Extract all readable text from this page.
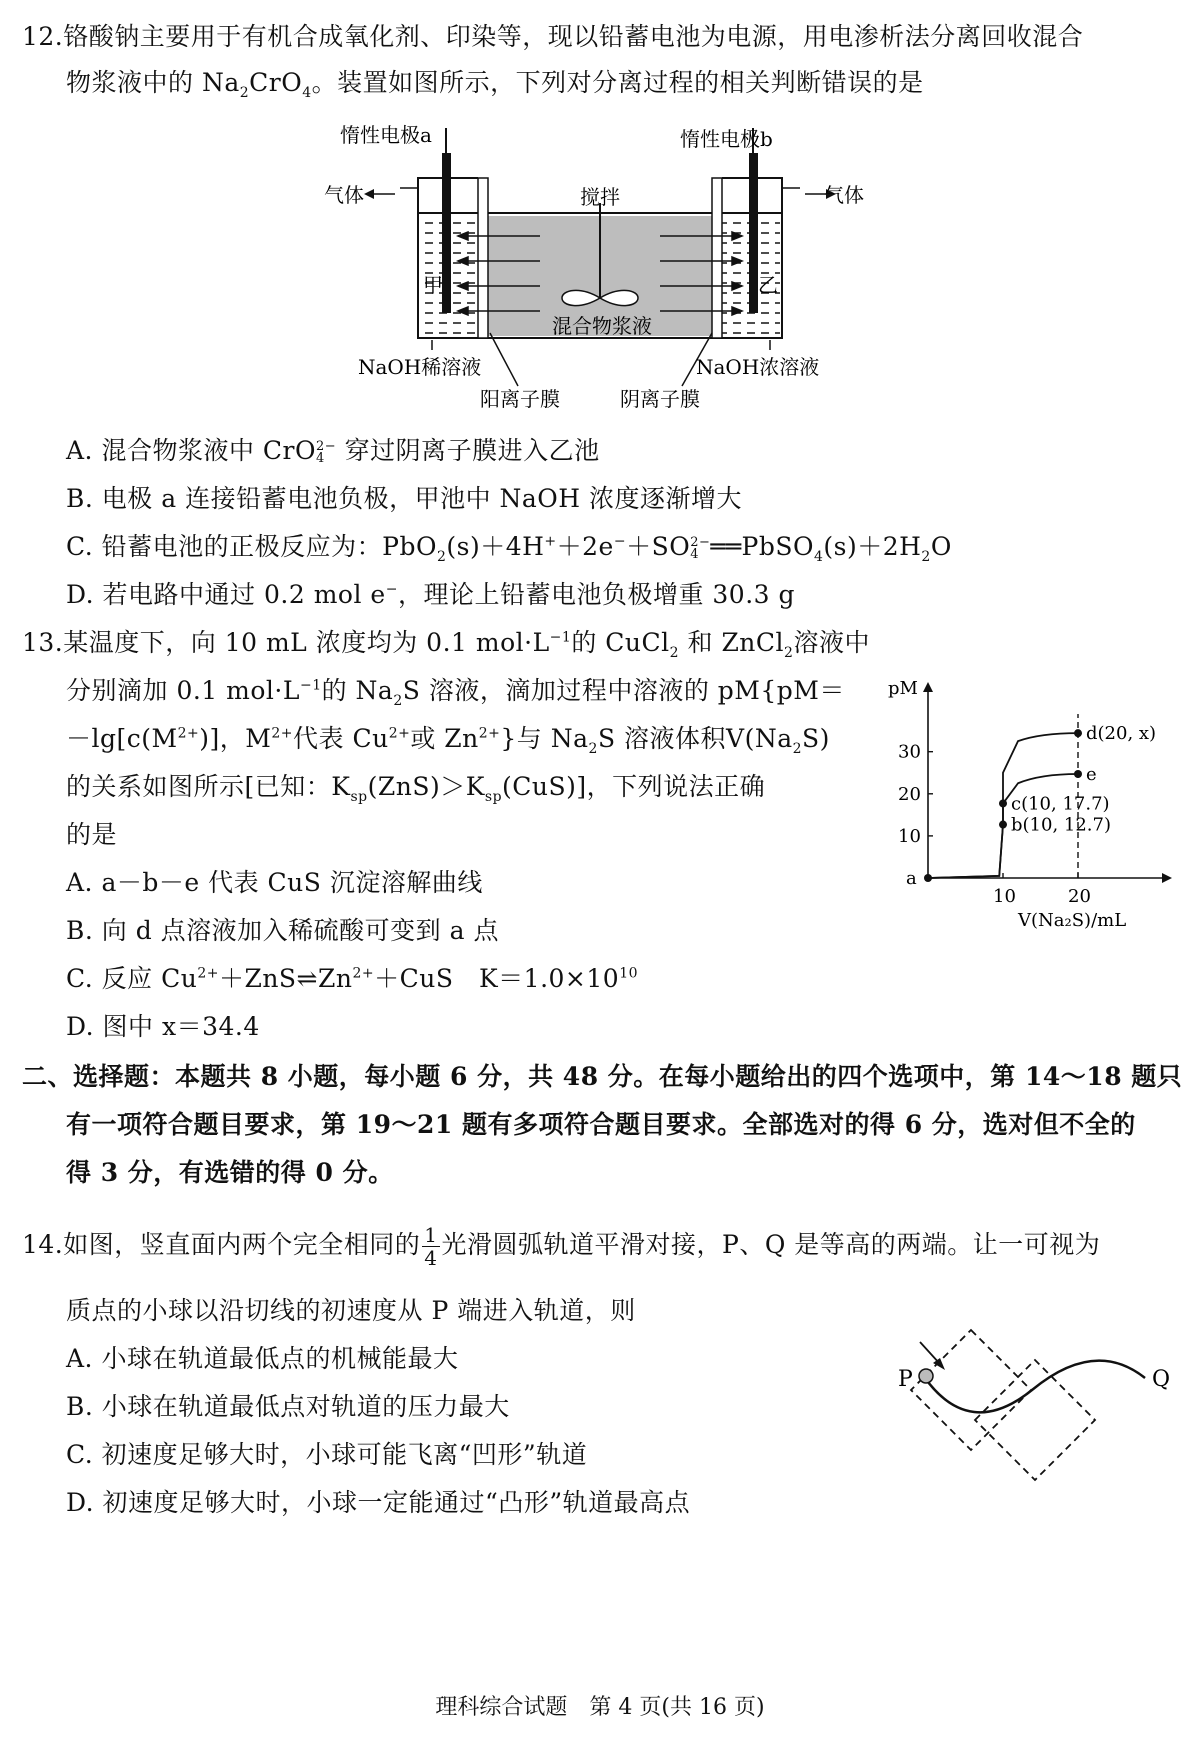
12.铬酸钠主要用于有机合成氧化剂、印染等，现以铅蓄电池为电源，用电渗析法分离回收混合
物浆液中的 $Na_2CrO_4$。装置如图所示，下列对分离过程的相关判断错误的是
惰性电极a	惰性电极b
气体	气体
搅拌
甲	乙
混合物浆液
NaOH稀溶液	NaOH浓溶液
阳离子膜	阴离子膜
A. 混合物浆液中 CrO 2−
4 穿过阴离子膜进入乙池
B. 电极 a 连接铅蓄电池负极，甲池中 NaOH 浓度逐渐增大
C. 铅蓄电池的正极反应为：PbO$_2$(s)＋4H+＋2e−＋SO 2−
4 $══PbSO_4(s)+2H_2O$
D. 若电路中通过 0.2 mol e−，理论上铅蓄电池负极增重 30.3 g
13.某温度下，向 10 mL 浓度均为 0.1 $mol\cdot L^{-1}$的 CuCl$_2$ 和 ZnCl$_2$溶液中
分别滴加 0.1 $mol\cdot L^{-1}$的 $Na_2S$ 溶液，滴加过程中溶液的 pM{pM＝
$-\lg[c(M^{2+})]$，$M^{2+}$代表 $Cu^{2+}$或 $Zn^{2+}$}与 $Na_2S$ 溶液体积$V(Na_2S)$
的关系如图所示[已知：$K_{sp}(ZnS)>K_{sp}(CuS)$]，下列说法正确
的是
A. a－b－e 代表 CuS 沉淀溶解曲线
B. 向 d 点溶液加入稀硫酸可变到 a 点
C. 反应 $Cu^{2+}+ZnS\rightleftharpoons Zn^{2+}+CuS$　$K=1.0\times 10^{10}$
D. 图中 x＝34.4
pM
V(Na₂S)/mL
10	20
10
20
30
a
b(10, 12.7)
c(10, 17.7)
d(20, x)
e
二、选择题：本题共 8 小题，每小题 6 分，共 48 分。在每小题给出的四个选项中，第 14～18 题只
有一项符合题目要求，第 19～21 题有多项符合题目要求。全部选对的得 6 分，选对但不全的
得 3 分，有选错的得 0 分。
14.如图，竖直面内两个完全相同的 $\frac{1}{4}$ 光滑圆弧轨道平滑对接，P、Q 是等高的两端。让一可视为
质点的小球以沿切线的初速度从 P 端进入轨道，则
A. 小球在轨道最低点的机械能最大
B. 小球在轨道最低点对轨道的压力最大
C. 初速度足够大时，小球可能飞离“凹形”轨道
D. 初速度足够大时，小球一定能通过“凸形”轨道最高点
P	Q
理科综合试题　第 4 页(共 16 页)
